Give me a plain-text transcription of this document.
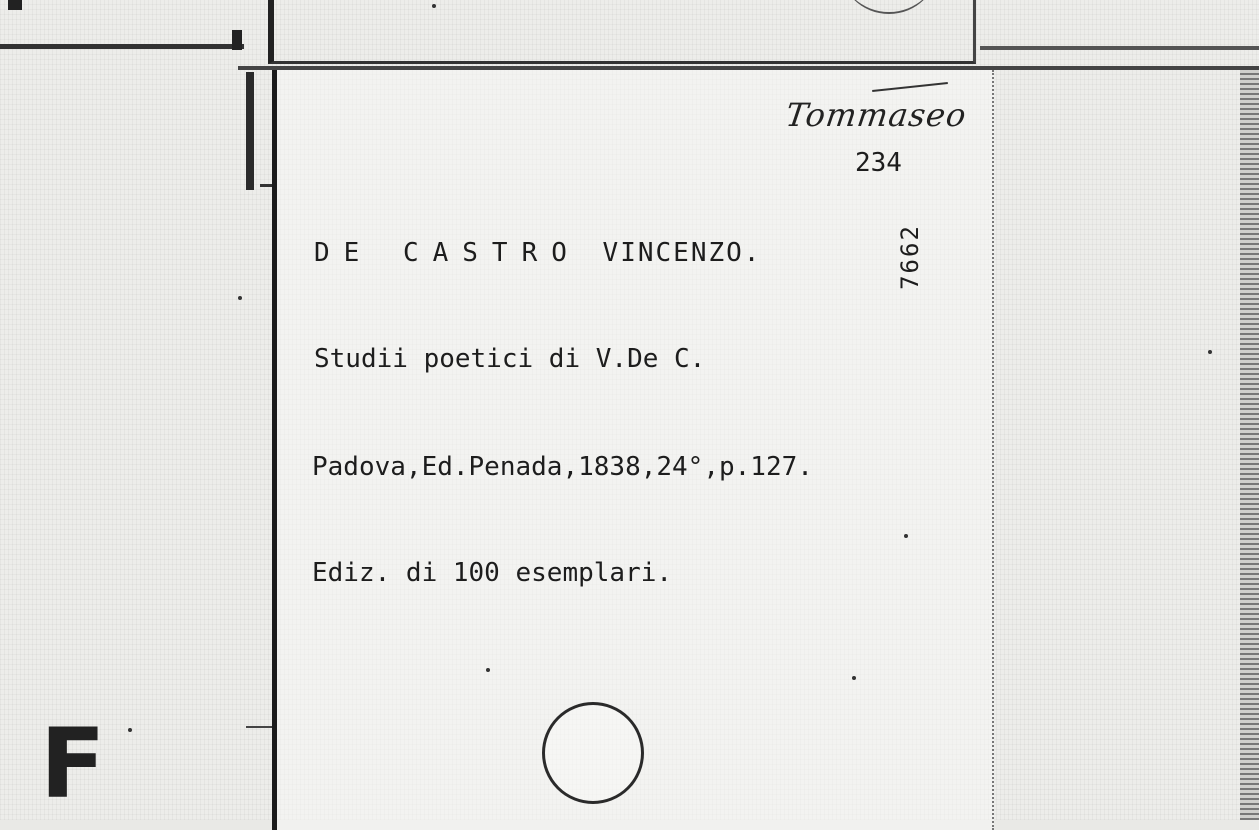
Tommaseo
234
DE CASTRO VINCENZO.	7662
Studii poetici di V.De C.
Padova,Ed.Penada,1838,24°,p.127.
Ediz. di 100 esemplari.
F
